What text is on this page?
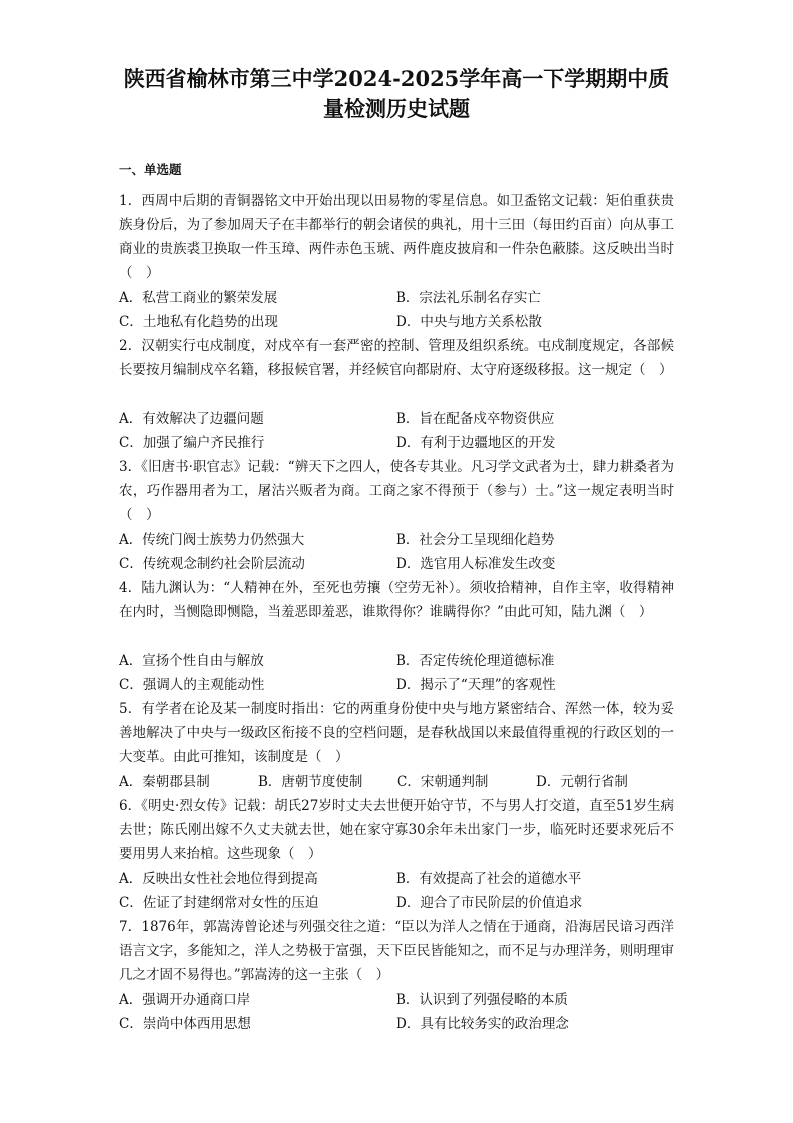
陕西省榆林市第三中学2024-2025学年高一下学期期中质
量检测历史试题
一、单选题
1．西周中后期的青铜器铭文中开始出现以田易物的零星信息。如卫盉铭文记载：矩伯重获贵族身份后，为了参加周天子在丰都举行的朝会诸侯的典礼，用十三田（每田约百亩）向从事工商业的贵族裘卫换取一件玉璋、两件赤色玉琥、两件鹿皮披肩和一件杂色蔽膝。这反映出当时（　）
A．私营工商业的繁荣发展	B．宗法礼乐制名存实亡
C．土地私有化趋势的出现	D．中央与地方关系松散
2．汉朝实行屯戍制度，对戍卒有一套严密的控制、管理及组织系统。屯戍制度规定，各部候长要按月编制戍卒名籍，移报候官署，并经候官向都尉府、太守府逐级移报。这一规定（　）
A．有效解决了边疆问题	B．旨在配备戍卒物资供应
C．加强了编户齐民推行	D．有利于边疆地区的开发
3．《旧唐书·职官志》记载：“辨天下之四人，使各专其业。凡习学文武者为士，肆力耕桑者为农，巧作器用者为工，屠沽兴贩者为商。工商之家不得预于（参与）士。”这一规定表明当时（　）
A．传统门阀士族势力仍然强大	B．社会分工呈现细化趋势
C．传统观念制约社会阶层流动	D．选官用人标准发生改变
4．陆九渊认为：“人精神在外，至死也劳攘（空劳无补）。须收拾精神，自作主宰，收得精神在内时，当恻隐即恻隐，当羞恶即羞恶，谁欺得你？谁瞒得你？”由此可知，陆九渊（　）
A．宣扬个性自由与解放	B．否定传统伦理道德标准
C．强调人的主观能动性	D．揭示了“天理”的客观性
5．有学者在论及某一制度时指出：它的两重身份使中央与地方紧密结合、浑然一体，较为妥善地解决了中央与一级政区衔接不良的空档问题，是春秋战国以来最值得重视的行政区划的一大变革。由此可推知，该制度是（　）
A．秦朝郡县制	B．唐朝节度使制	C．宋朝通判制	D．元朝行省制
6．《明史·烈女传》记载：胡氏27岁时丈夫去世便开始守节，不与男人打交道，直至51岁生病去世；陈氏刚出嫁不久丈夫就去世，她在家守寡30余年未出家门一步，临死时还要求死后不要用男人来抬棺。这些现象（　）
A．反映出女性社会地位得到提高	B．有效提高了社会的道德水平
C．佐证了封建纲常对女性的压迫	D．迎合了市民阶层的价值追求
7．1876年，郭嵩涛曾论述与列强交往之道：“臣以为洋人之情在于通商，沿海居民谙习西洋语言文字，多能知之，洋人之势极于富强，天下臣民皆能知之，而不足与办理洋务，则明理审几之才固不易得也。”郭嵩涛的这一主张（　）
A．强调开办通商口岸	B．认识到了列强侵略的本质
C．崇尚中体西用思想	D．具有比较务实的政治理念
